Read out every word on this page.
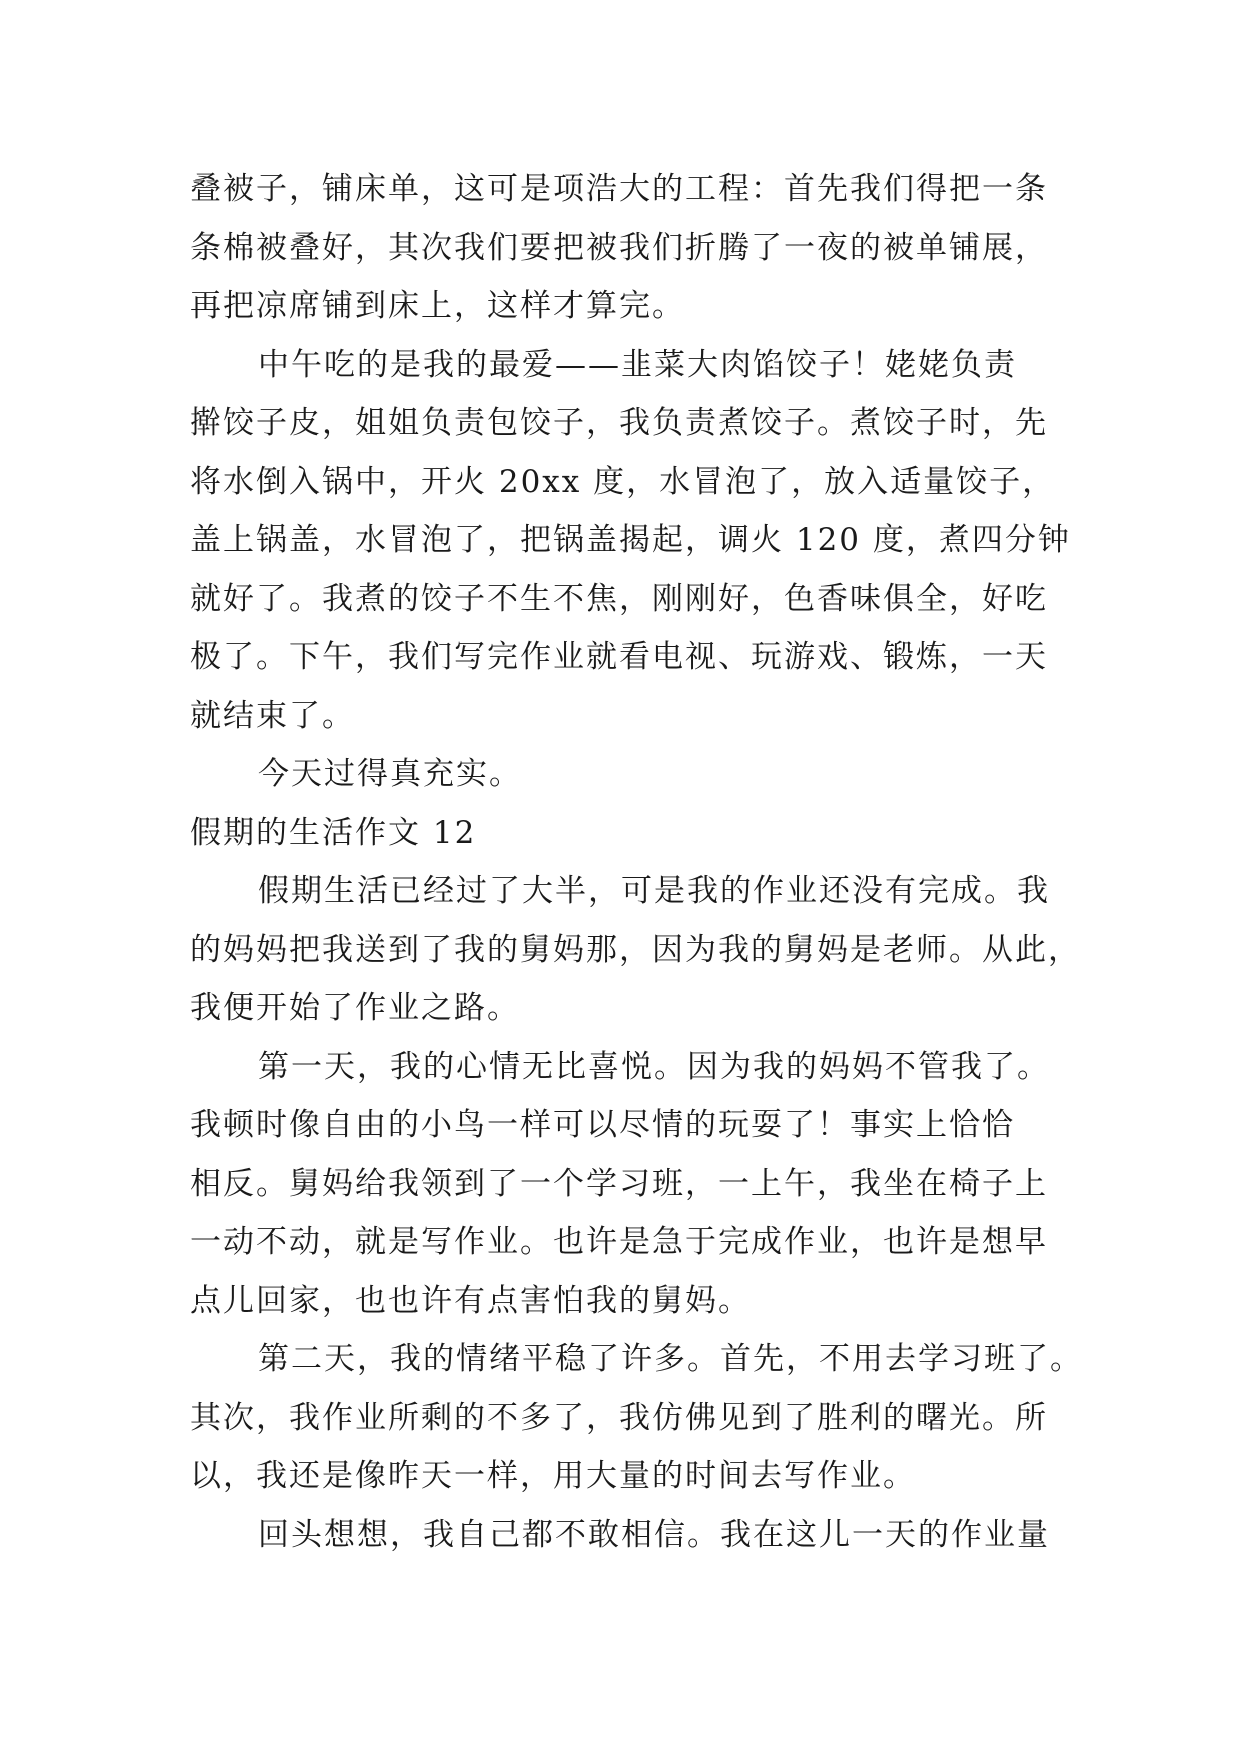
叠被子，铺床单，这可是项浩大的工程：首先我们得把一条
条棉被叠好，其次我们要把被我们折腾了一夜的被单铺展，
再把凉席铺到床上，这样才算完。
中午吃的是我的最爱——韭菜大肉馅饺子！姥姥负责
擀饺子皮，姐姐负责包饺子，我负责煮饺子。煮饺子时，先
将水倒入锅中，开火 20xx 度，水冒泡了，放入适量饺子，
盖上锅盖，水冒泡了，把锅盖揭起，调火 120 度，煮四分钟
就好了。我煮的饺子不生不焦，刚刚好，色香味俱全，好吃
极了。下午，我们写完作业就看电视、玩游戏、锻炼，一天
就结束了。
今天过得真充实。
假期的生活作文 12
假期生活已经过了大半，可是我的作业还没有完成。我
的妈妈把我送到了我的舅妈那，因为我的舅妈是老师。从此，
我便开始了作业之路。
第一天，我的心情无比喜悦。因为我的妈妈不管我了。
我顿时像自由的小鸟一样可以尽情的玩耍了！事实上恰恰
相反。舅妈给我领到了一个学习班，一上午，我坐在椅子上
一动不动，就是写作业。也许是急于完成作业，也许是想早
点儿回家，也也许有点害怕我的舅妈。
第二天，我的情绪平稳了许多。首先，不用去学习班了。
其次，我作业所剩的不多了，我仿佛见到了胜利的曙光。所
以，我还是像昨天一样，用大量的时间去写作业。
回头想想，我自己都不敢相信。我在这儿一天的作业量
